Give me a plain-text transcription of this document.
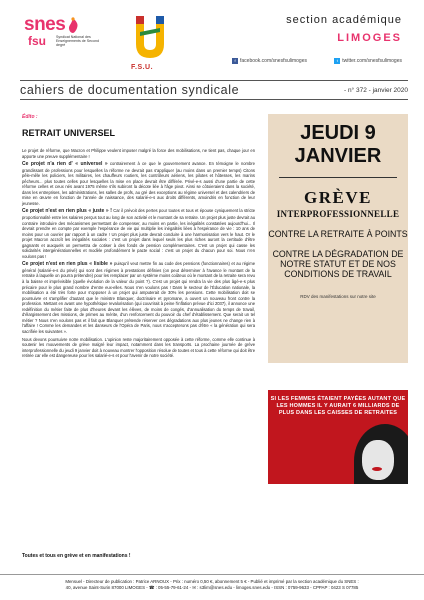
snes
fsu	Syndicat National des Enseignements de Second degré
F.S.U.
section académique
LIMOGES
f facebook.com/snesfsulimoges	t twitter.com/snesfsulimoges
cahiers de documentation syndicale	- n° 372 - janvier 2020
Édito :
RETRAIT UNIVERSEL

Le projet de réforme, que Macron et Philippe veulent imposer malgré la force des mobilisations, ne tient pas, chaque jour en apporte une preuve supplémentaire !

Ce projet n'a rien d' « universel » contrairement à ce que le gouvernement avance. En témoigne le nombre grandissant de professions pour lesquelles la réforme ne devrait pas s'appliquer (au moins dans un premier temps) Citons pêle-mêle les policiers, les militaires, les chauffeurs routiers, les contrôleurs aériens, les pilotes et hôtesses, les marins pêcheurs... plus toutes celles pour lesquelles la mise en place devrait être différée. Privé-e-s aussi d'une partie de cette réforme celles et ceux nés avant 1975 même s'ils subiront la décote liée à l'âge pivot. Ainsi se côtoieraient dans la société, dans les entreprises, les administrations, les salles de profs, au gré des exceptions au régime universel et des calendriers de mise en œuvre en fonction de l'année de naissance, des salarié-e-s aux droits différents, amoindris en fonction de leur jeunesse.

Ce projet n'est en rien plus « juste » ! Car il prévoit des pertes pour toutes et tous et épouse cyniquement la stricte proportionnalité entre les salaires perçus tout au long de son activité et le montant de sa retraite. Un projet plus juste devrait au contraire introduire des mécanismes permettant de compenser, au moins en partie, les inégalités constatées aujourd'hui... Il devrait prendre en compte par exemple l'espérance de vie qui multiplie les inégalités liées à l'espérance de vie : 10 ans de moins pour un ouvrier par rapport à un cadre ! Un projet plus juste devrait conduire à une harmonisation vers le haut. Or le projet Macron accroît les inégalités sociales : c'est un projet dans lequel seuls les plus riches auront la certitude d'être gagnants et auxquels on permettra de cotiser à des fonds de pension complémentaires. C'est un projet qui casse les solidarités intergénérationnelles et modèle profondément le pacte social : c'est un projet du chacun pour soi. Nous n'en voulons pas !

Ce projet n'est en rien plus « lisible » puisqu'il veut mettre fin au code des pensions (fonctionnaires) et au régime général (salarié-e-s du privé) qui sont des régimes à prestations définies (on peut déterminer à l'avance le montant de la retraite à laquelle on pourra prétendre) pour les remplacer par un système moins coûteux où le montant de la retraite sera revu à la baisse et imprévisible (quelle évolution de la valeur du point ?). C'est un projet qui rendra la vie des plus âgé-e-s plus précaire pour le plus grand nombre d'entre eux-elles. Nous n'en voulons pas ! Dans le secteur de l'Éducation nationale, la mobilisation a été très forte pour s'opposer à un projet qui amputerait de 30% les pensions. Cette mobilisation doit se poursuivre et s'amplifier d'autant que le ministre Blanquer, doctrinaire et pyromane, a ouvert un nouveau front contre la profession. Mettant en avant une hypothétique revalorisation (qui couvrirait à peine l'inflation prévue d'ici 2037), il annonce une redéfinition du métier faite de plus d'heures devant les élèves, de moins de congés, d'annualisation du temps de travail, d'élargissement des missions, de primes au mérite, d'un renforcement du pouvoir du chef d'établissement. Que serait un tel métier ? Nous n'en voulons pas et il fait que Blanquer prétende réserver ces dégradations aux plus jeunes ne change rien à l'affaire ! Comme les demandes et les danseurs de l'Opéra de Paris, nous n'accepterons pas d'être « la génération qui sera sacrifiée les suivantes ».

Nous devons poursuivre notre mobilisation. L'opinion reste majoritairement opposée à cette réforme, comme elle continue à soutenir les mouvements de grève malgré leur impact, notamment dans les transports. La prochaine journée de grève interprofessionnelle du jeudi 9 janvier doit à nouveau montrer l'opposition résolue de toutes et tous à cette réforme qui doit être retirée car elle est dangereuse pour les salarié-e-s et pour l'avenir de notre société.

Toutes et tous en grève et en manifestations !
JEUDI 9 JANVIER
GRÈVE
INTERPROFESSIONNELLE
CONTRE LA RETRAITE À POINTS
CONTRE LA DÉGRADATION DE NOTRE STATUT ET DE NOS CONDITIONS DE TRAVAIL
RDV des manifestations sur notre site
SI LES FEMMES ÉTAIENT PAYÉES AUTANT QUE LES HOMMES IL Y AURAIT 6 MILLIARDS DE PLUS DANS LES CAISSES DE RETRAITES
Mensuel - Directeur de publication : Patrice ARNOUX - Prix : numéro 0,50 €, abonnement 5 € - Publié et imprimé par la section académique du SNES :
40, avenue Saint-Surin 87000 LIMOGES - ☎ : 05-55-79-61-24 - ✉ : s3lim@snes.edu - limoges.snes.edu - ISSN : 0759-9633 - CPPAP : 0423 S 07785
